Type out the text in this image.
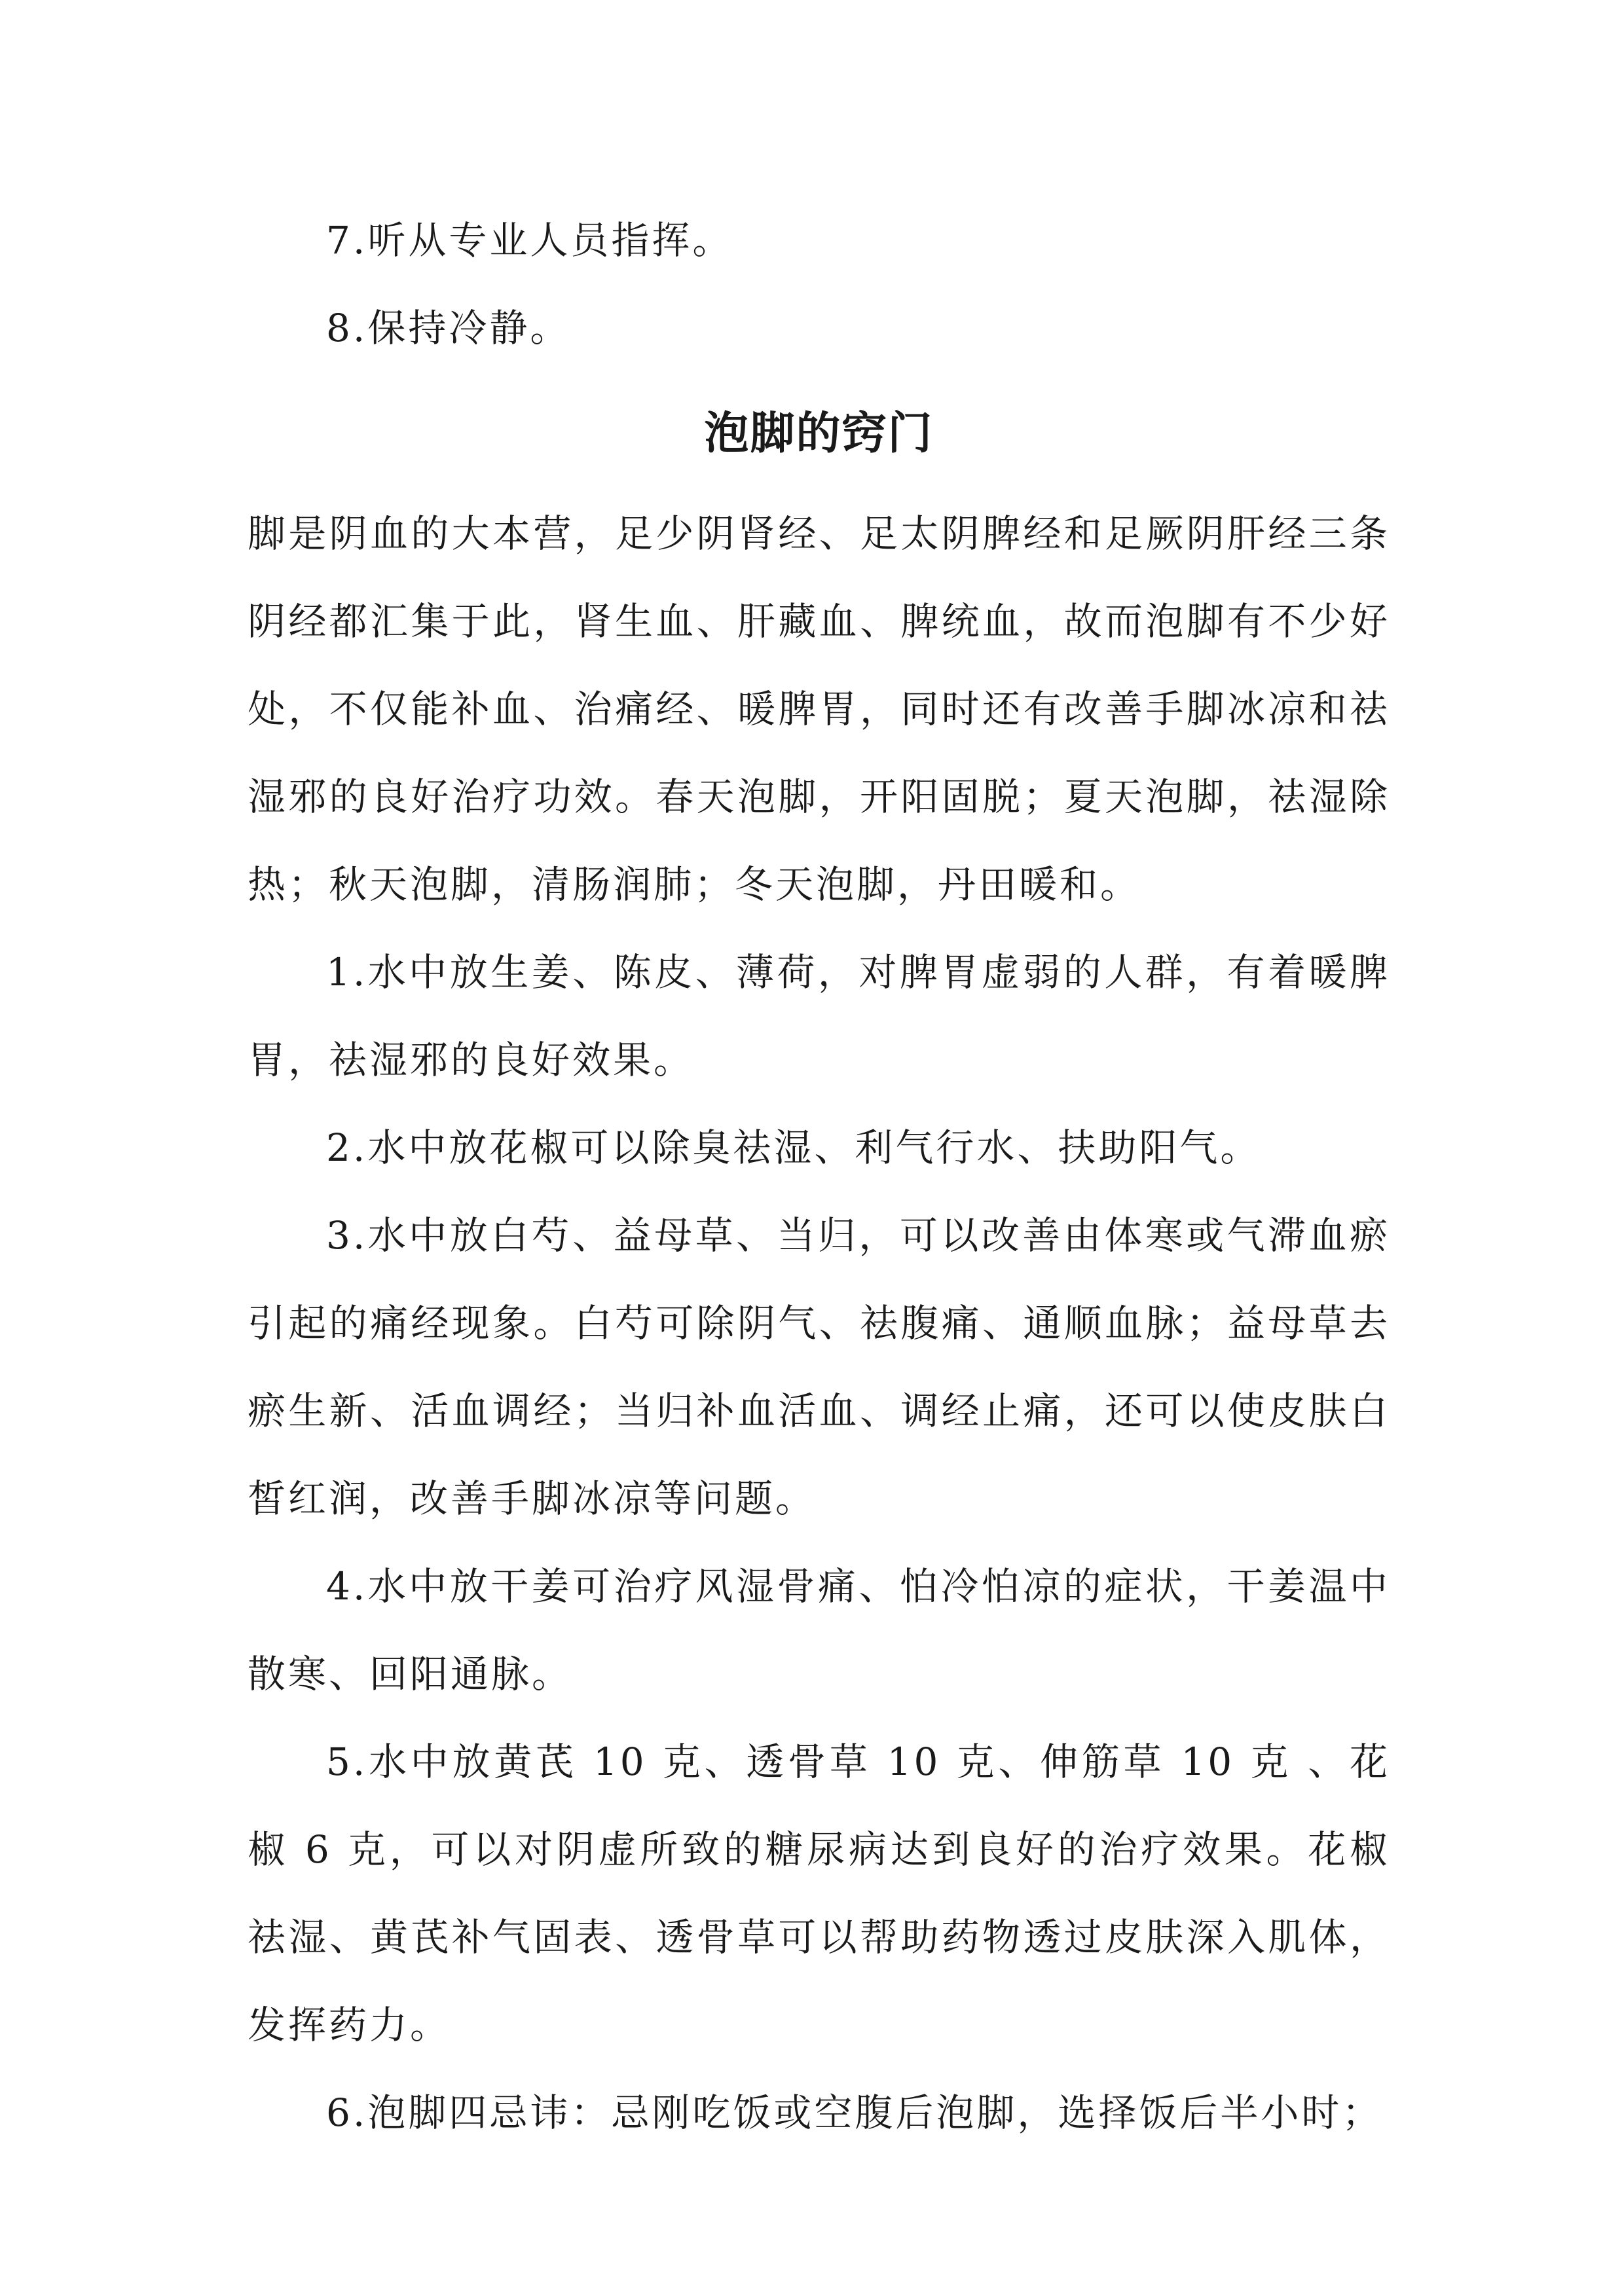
7.听从专业人员指挥。

8.保持冷静。

泡脚的窍门

脚是阴血的大本营，足少阴肾经、足太阴脾经和足厥阴肝经三条阴经都汇集于此，肾生血、肝藏血、脾统血，故而泡脚有不少好处，不仅能补血、治痛经、暖脾胃，同时还有改善手脚冰凉和祛湿邪的良好治疗功效。春天泡脚，开阳固脱；夏天泡脚，祛湿除热；秋天泡脚，清肠润肺；冬天泡脚，丹田暖和。

1.水中放生姜、陈皮、薄荷，对脾胃虚弱的人群，有着暖脾胃，祛湿邪的良好效果。

2.水中放花椒可以除臭祛湿、利气行水、扶助阳气。

3.水中放白芍、益母草、当归，可以改善由体寒或气滞血瘀引起的痛经现象。白芍可除阴气、祛腹痛、通顺血脉；益母草去瘀生新、活血调经；当归补血活血、调经止痛，还可以使皮肤白皙红润，改善手脚冰凉等问题。

4.水中放干姜可治疗风湿骨痛、怕冷怕凉的症状，干姜温中散寒、回阳通脉。

5.水中放黄芪 10 克、透骨草 10 克、伸筋草 10 克 、花椒 6 克，可以对阴虚所致的糖尿病达到良好的治疗效果。花椒祛湿、黄芪补气固表、透骨草可以帮助药物透过皮肤深入肌体，发挥药力。

6.泡脚四忌讳：忌刚吃饭或空腹后泡脚，选择饭后半小时；
